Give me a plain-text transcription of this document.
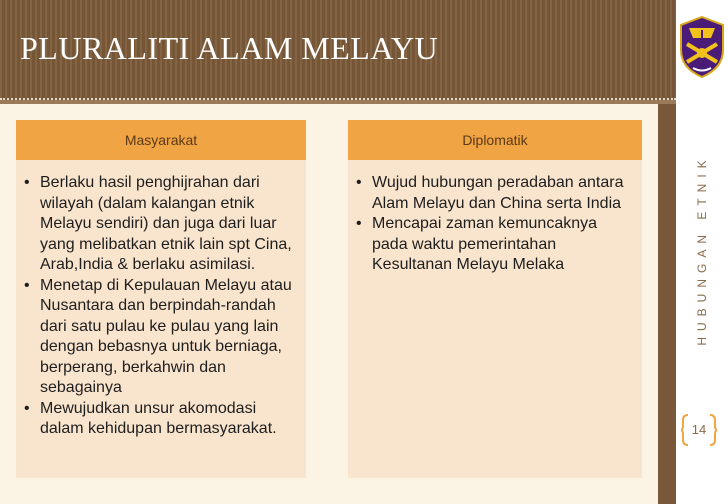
PLURALITI ALAM MELAYU
HUBUNGAN ETNIK
14
Masyarakat	Diplomatik
• Berlaku hasil penghijrahan dari wilayah (dalam kalangan etnik Melayu sendiri) dan juga dari luar yang melibatkan etnik lain spt Cina, Arab,India & berlaku asimilasi.
• Menetap di Kepulauan Melayu atau Nusantara dan berpindah-randah dari satu pulau ke pulau yang lain dengan bebasnya untuk berniaga, berperang, berkahwin dan sebagainya
• Mewujudkan unsur akomodasi dalam kehidupan bermasyarakat.
• Wujud hubungan peradaban antara Alam Melayu dan China serta India
• Mencapai zaman kemuncaknya pada waktu pemerintahan Kesultanan Melayu Melaka
